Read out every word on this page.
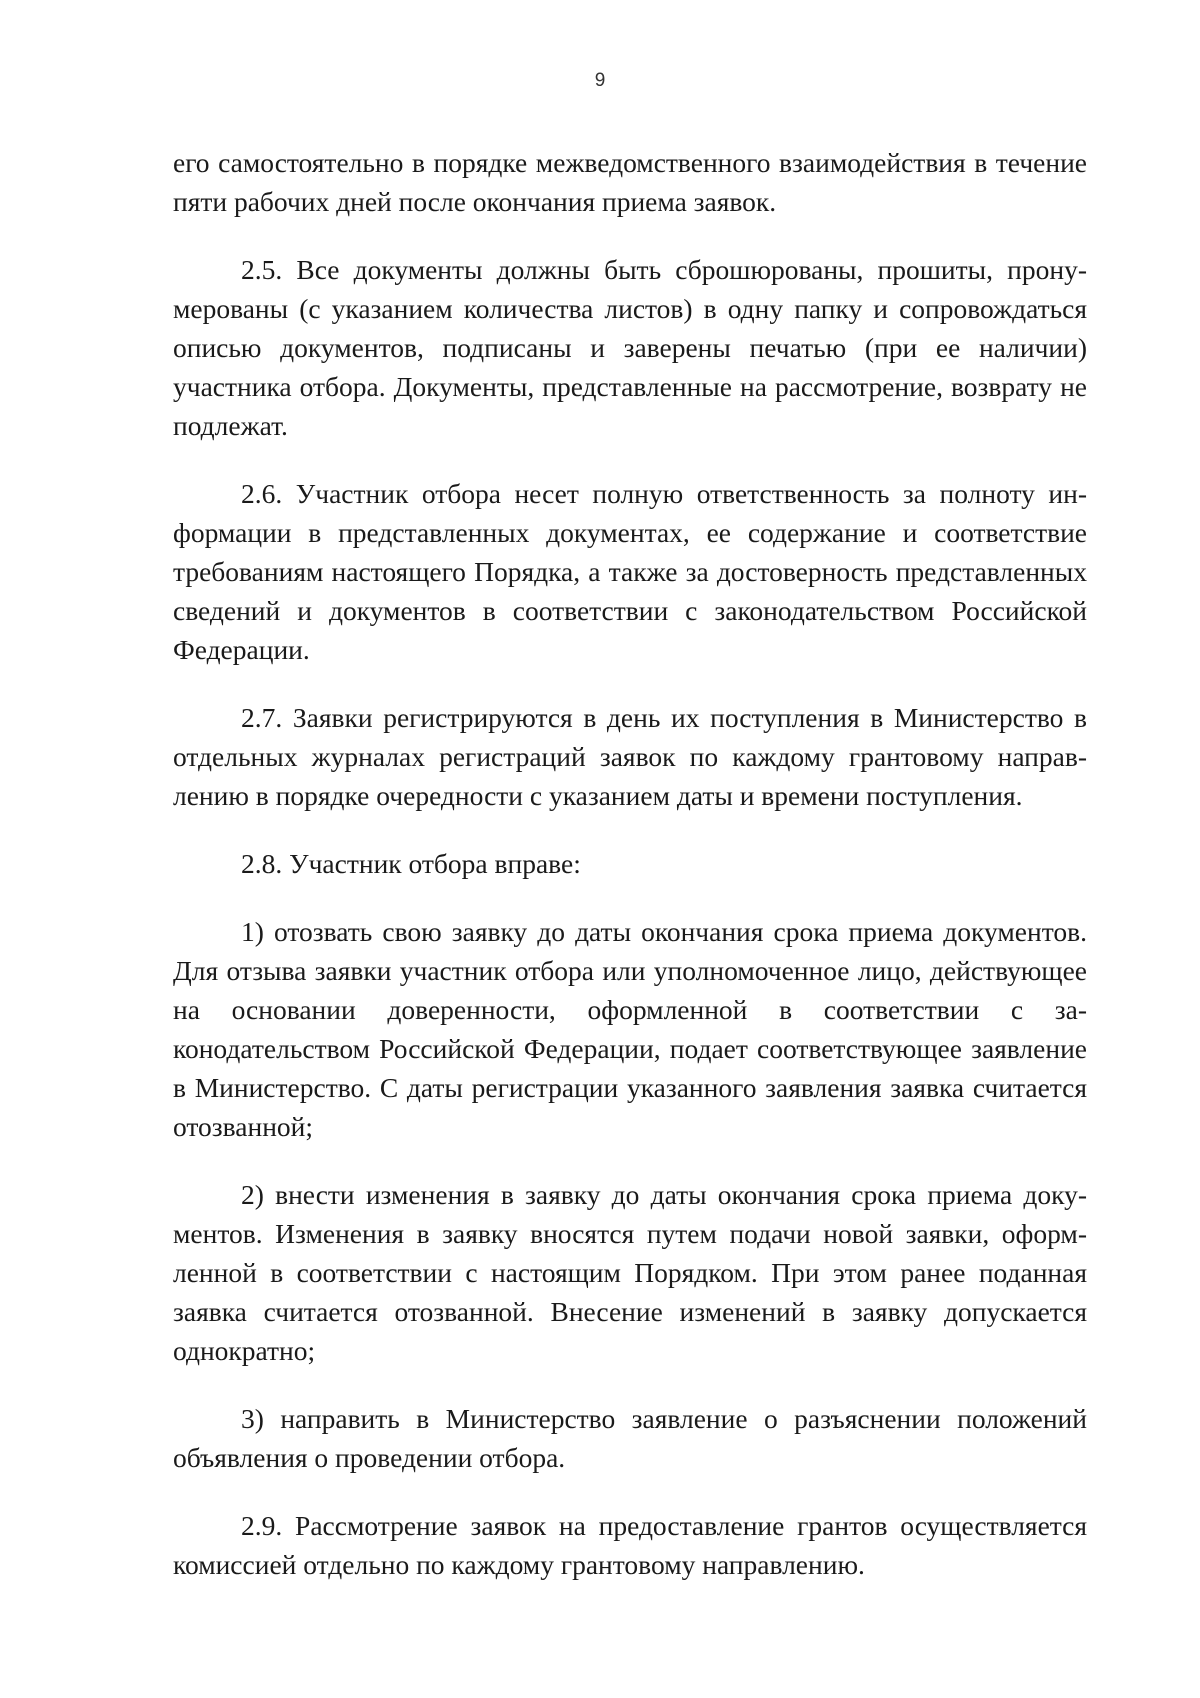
9

его самостоятельно в порядке межведомственного взаимодействия в течение пяти рабочих дней после окончания приема заявок.

2.5. Все документы должны быть сброшюрованы, прошиты, пронумерованы (с указанием количества листов) в одну папку и сопровождаться описью документов, подписаны и заверены печатью (при ее наличии) участника отбора. Документы, представленные на рассмотрение, возврату не подлежат.

2.6. Участник отбора несет полную ответственность за полноту информации в представленных документах, ее содержание и соответствие требованиям настоящего Порядка, а также за достоверность представленных сведений и документов в соответствии с законодательством Российской Федерации.

2.7. Заявки регистрируются в день их поступления в Министерство в отдельных журналах регистраций заявок по каждому грантовому направлению в порядке очередности с указанием даты и времени поступления.

2.8. Участник отбора вправе:

1) отозвать свою заявку до даты окончания срока приема документов. Для отзыва заявки участник отбора или уполномоченное лицо, действующее на основании доверенности, оформленной в соответствии с законодательством Российской Федерации, подает соответствующее заявление в Министерство. С даты регистрации указанного заявления заявка считается отозванной;

2) внести изменения в заявку до даты окончания срока приема документов. Изменения в заявку вносятся путем подачи новой заявки, оформленной в соответствии с настоящим Порядком. При этом ранее поданная заявка считается отозванной. Внесение изменений в заявку допускается однократно;

3) направить в Министерство заявление о разъяснении положений объявления о проведении отбора.

2.9. Рассмотрение заявок на предоставление грантов осуществляется комиссией отдельно по каждому грантовому направлению.
